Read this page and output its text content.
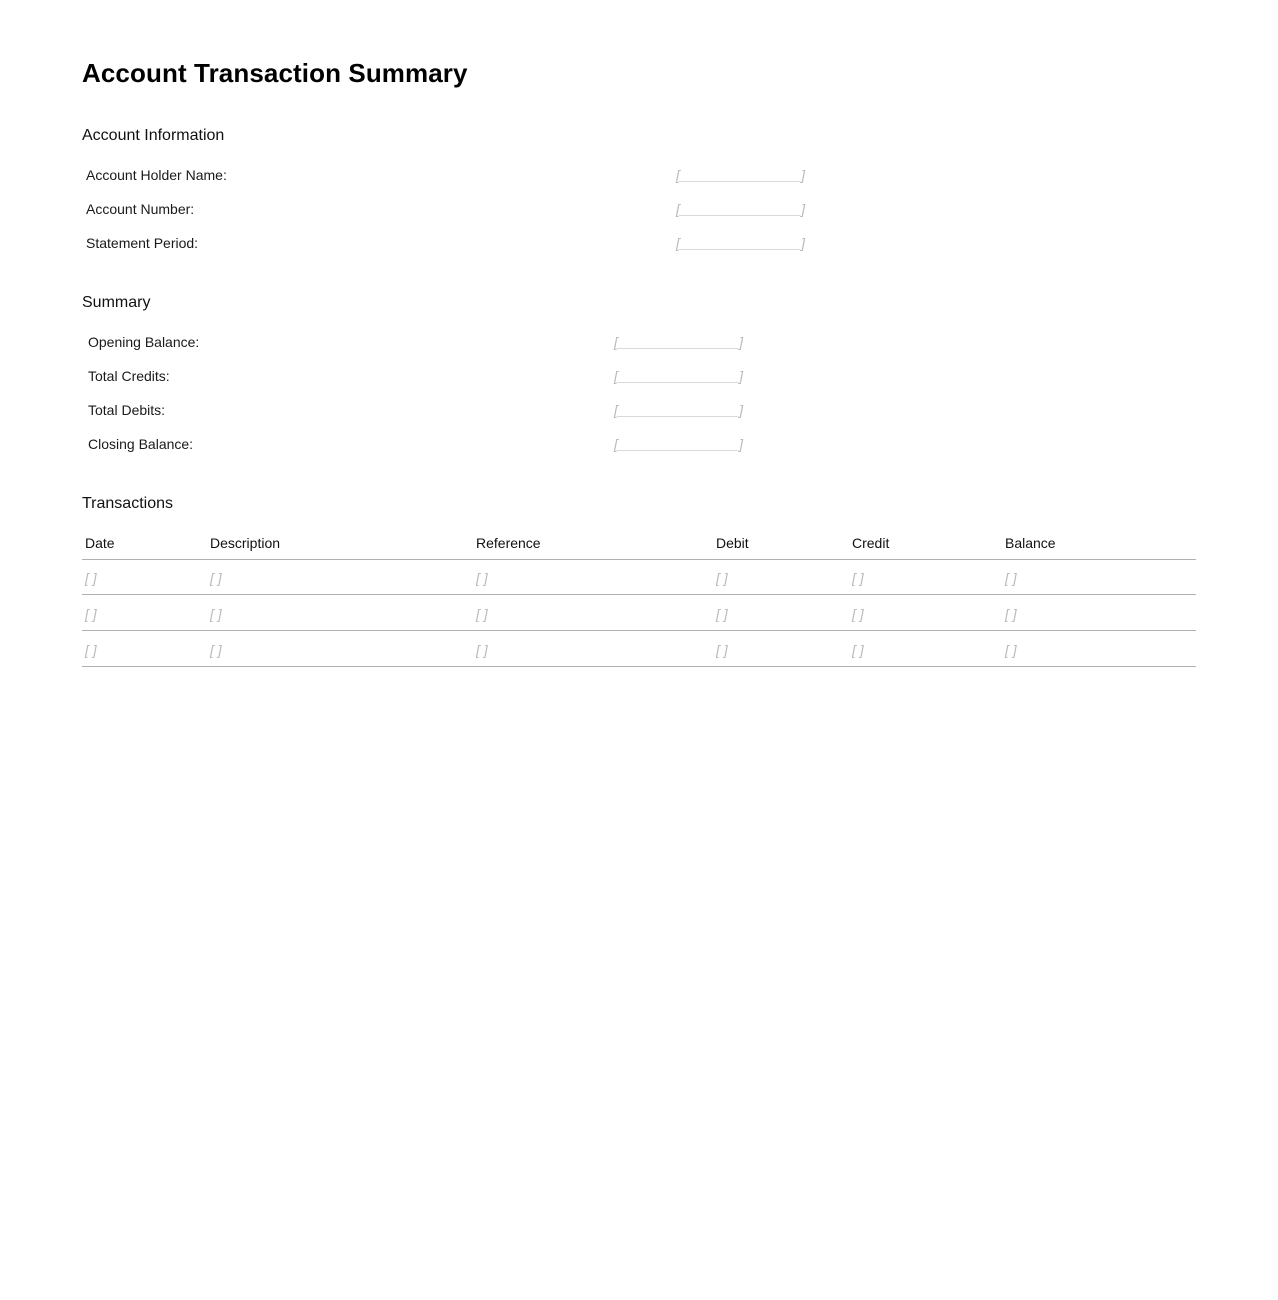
Account Transaction Summary
Account Information
Account Holder Name:	[________________]
Account Number:	[________________]
Statement Period:	[________________]
Summary
Opening Balance:	[________________]
Total Credits:	[________________]
Total Debits:	[________________]
Closing Balance:	[________________]
Transactions
Date	Description	Reference	Debit	Credit	Balance
[ ]	[ ]	[ ]	[ ]	[ ]	[ ]
[ ]	[ ]	[ ]	[ ]	[ ]	[ ]
[ ]	[ ]	[ ]	[ ]	[ ]	[ ]
